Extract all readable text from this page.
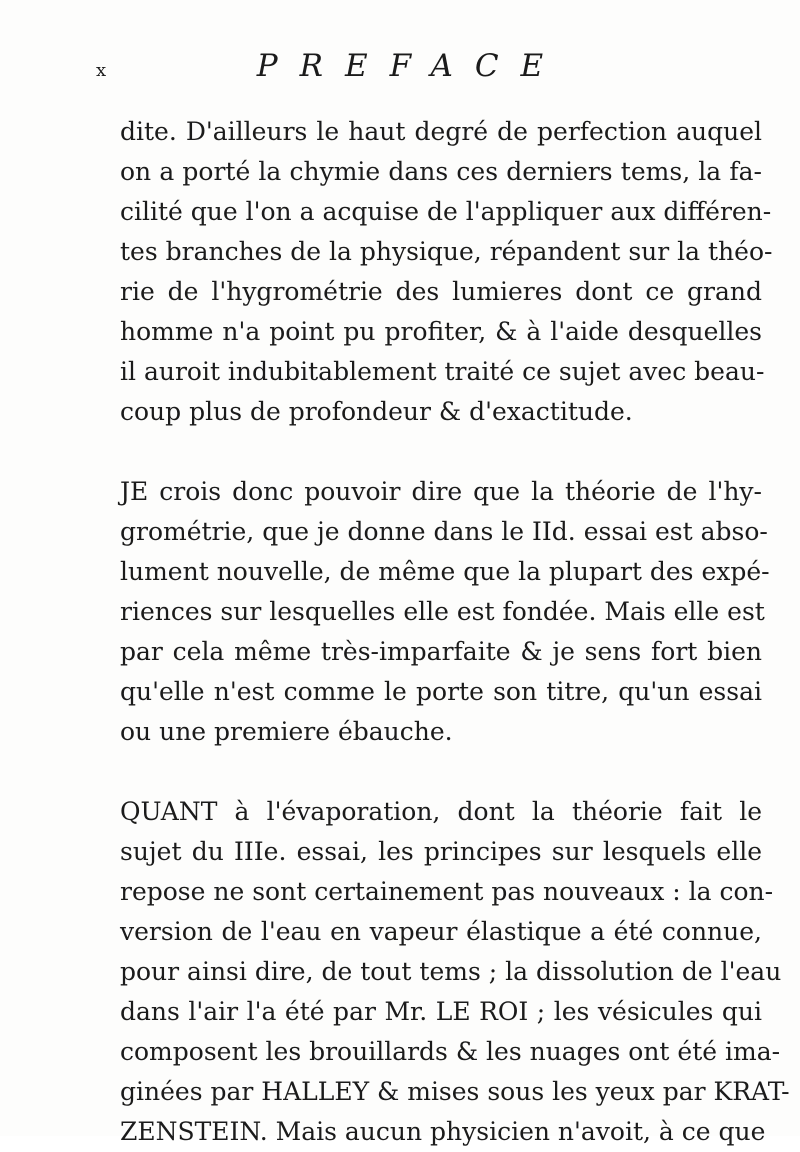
x	PREFACE
dite. D'ailleurs le haut degré de perfection auquel
on a porté la chymie dans ces derniers tems, la fa-
cilité que l'on a acquise de l'appliquer aux différen-
tes branches de la physique, répandent sur la théo-
rie de l'hygrométrie des lumieres dont ce grand
homme n'a point pu profiter, & à l'aide desquelles
il auroit indubitablement traité ce sujet avec beau-
coup plus de profondeur & d'exactitude.
JE crois donc pouvoir dire que la théorie de l'hy-
grométrie, que je donne dans le IId. essai est abso-
lument nouvelle, de même que la plupart des expé-
riences sur lesquelles elle est fondée. Mais elle est
par cela même très-imparfaite & je sens fort bien
qu'elle n'est comme le porte son titre, qu'un essai
ou une premiere ébauche.
QUANT à l'évaporation, dont la théorie fait le
sujet du IIIe. essai, les principes sur lesquels elle
repose ne sont certainement pas nouveaux : la con-
version de l'eau en vapeur élastique a été connue,
pour ainsi dire, de tout tems ; la dissolution de l'eau
dans l'air l'a été par Mr. LE ROI ; les vésicules qui
composent les brouillards & les nuages ont été ima-
ginées par HALLEY & mises sous les yeux par KRAT-
ZENSTEIN. Mais aucun physicien n'avoit, à ce que
